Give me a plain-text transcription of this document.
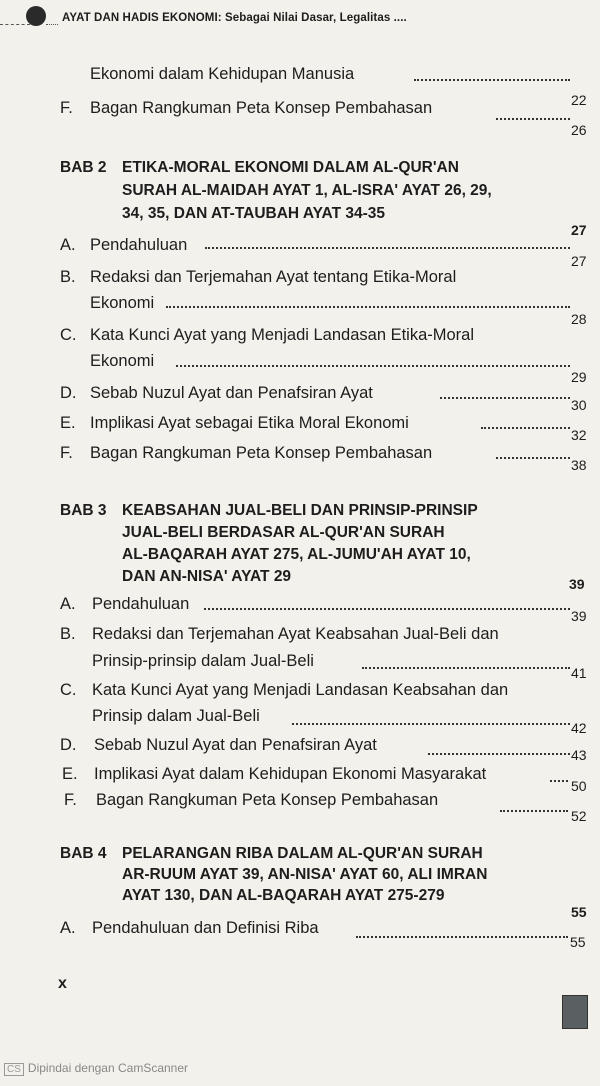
AYAT DAN HADIS EKONOMI: Sebagai Nilai Dasar, Legalitas ....
Ekonomi dalam Kehidupan Manusia
22
F. Bagan Rangkuman Peta Konsep Pembahasan
26
BAB 2 ETIKA-MORAL EKONOMI DALAM AL-QUR'AN
SURAH AL-MAIDAH AYAT 1, AL-ISRA' AYAT 26, 29,
34, 35, DAN AT-TAUBAH AYAT 34-35
27
A. Pendahuluan
27
B. Redaksi dan Terjemahan Ayat tentang Etika-Moral
Ekonomi
28
C. Kata Kunci Ayat yang Menjadi Landasan Etika-Moral
Ekonomi
29
D. Sebab Nuzul Ayat dan Penafsiran Ayat
30
E. Implikasi Ayat sebagai Etika Moral Ekonomi
32
F. Bagan Rangkuman Peta Konsep Pembahasan
38
BAB 3 KEABSAHAN JUAL-BELI DAN PRINSIP-PRINSIP
JUAL-BELI BERDASAR AL-QUR'AN SURAH
AL-BAQARAH AYAT 275, AL-JUMU'AH AYAT 10,
DAN AN-NISA' AYAT 29	39
A. Pendahuluan
39
B. Redaksi dan Terjemahan Ayat Keabsahan Jual-Beli dan
Prinsip-prinsip dalam Jual-Beli
41
C. Kata Kunci Ayat yang Menjadi Landasan Keabsahan dan
Prinsip dalam Jual-Beli
42
D. Sebab Nuzul Ayat dan Penafsiran Ayat
43
E. Implikasi Ayat dalam Kehidupan Ekonomi Masyarakat
50
F. Bagan Rangkuman Peta Konsep Pembahasan
52
BAB 4 PELARANGAN RIBA DALAM AL-QUR'AN SURAH
AR-RUUM AYAT 39, AN-NISA' AYAT 60, ALI IMRAN
AYAT 130, DAN AL-BAQARAH AYAT 275-279
55
A. Pendahuluan dan Definisi Riba
55
x
CS Dipindai dengan CamScanner
